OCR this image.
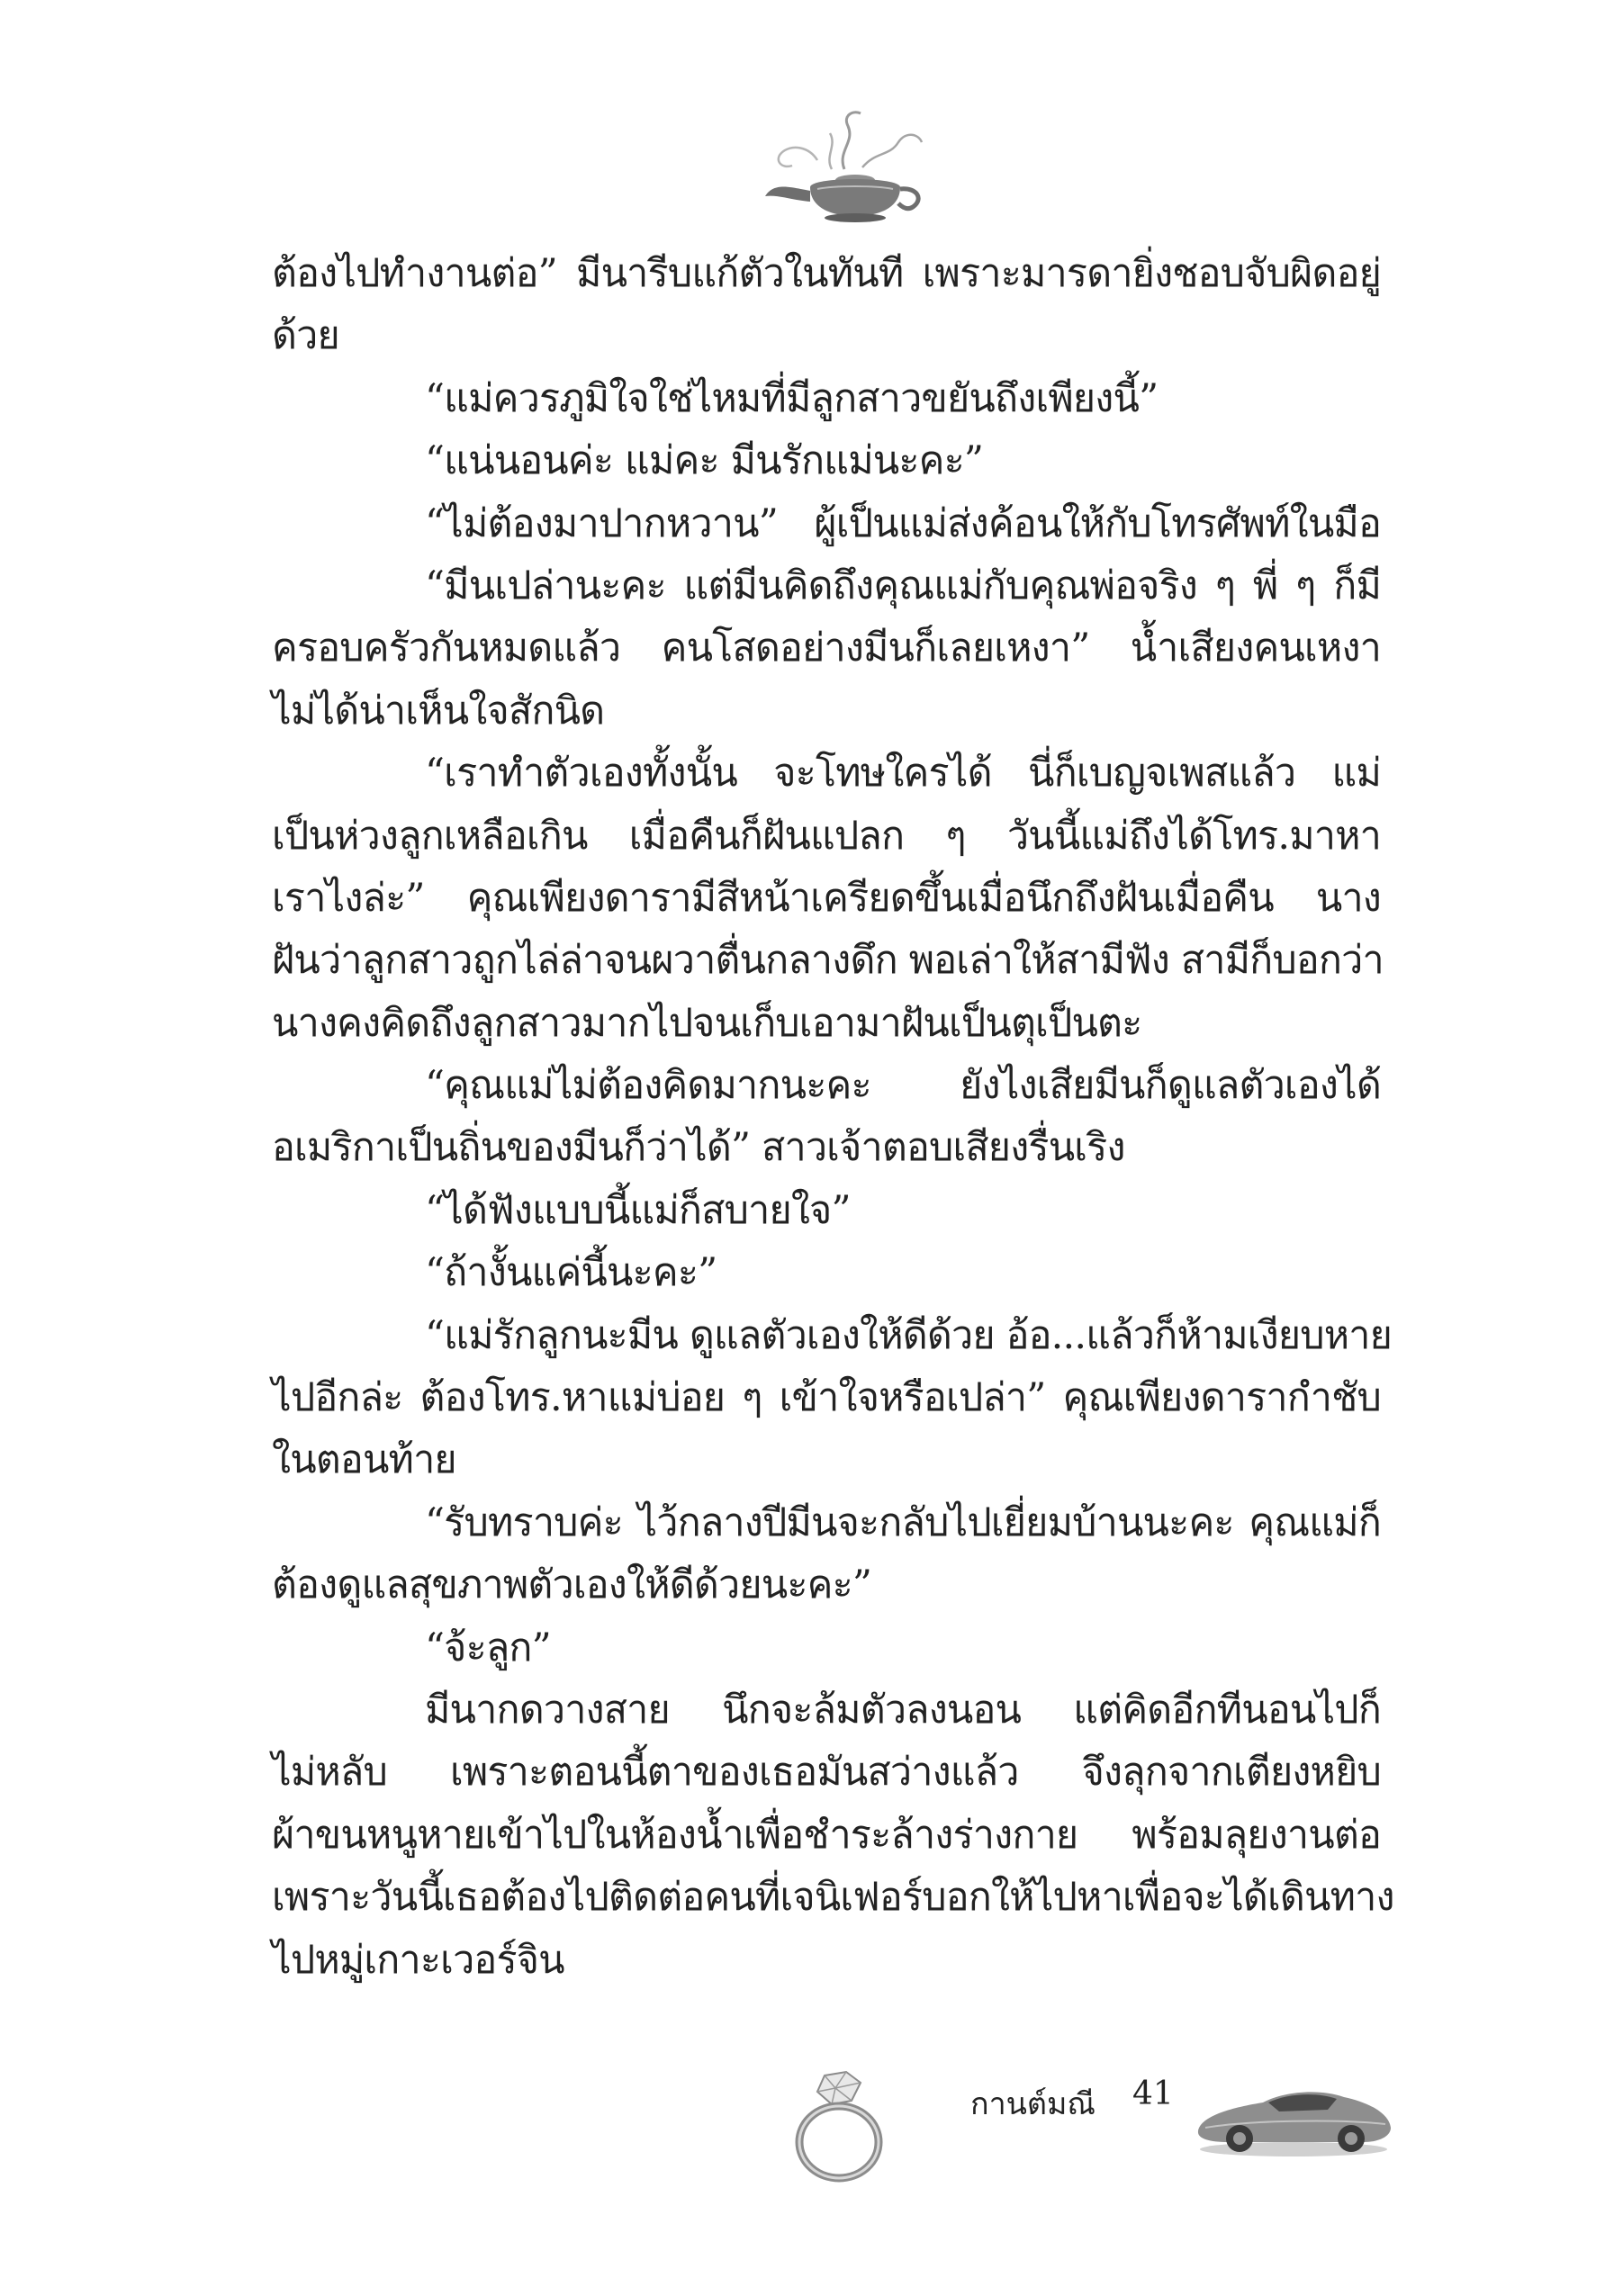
ต้องไปทำงานต่อ” มีนารีบแก้ตัวในทันที เพราะมารดายิ่งชอบจับผิดอยู่
ด้วย
“แม่ควรภูมิใจใช่ไหมที่มีลูกสาวขยันถึงเพียงนี้”
“แน่นอนค่ะ แม่คะ มีนรักแม่นะคะ”
“ไม่ต้องมาปากหวาน” ผู้เป็นแม่ส่งค้อนให้กับโทรศัพท์ในมือ
“มีนเปล่านะคะ แต่มีนคิดถึงคุณแม่กับคุณพ่อจริง ๆ พี่ ๆ ก็มี
ครอบครัวกันหมดแล้ว คนโสดอย่างมีนก็เลยเหงา” น้ำเสียงคนเหงา
ไม่ได้น่าเห็นใจสักนิด
“เราทำตัวเองทั้งนั้น จะโทษใครได้ นี่ก็เบญจเพสแล้ว แม่
เป็นห่วงลูกเหลือเกิน เมื่อคืนก็ฝันแปลก ๆ วันนี้แม่ถึงได้โทร.มาหา
เราไงล่ะ” คุณเพียงดารามีสีหน้าเครียดขึ้นเมื่อนึกถึงฝันเมื่อคืน นาง
ฝันว่าลูกสาวถูกไล่ล่าจนผวาตื่นกลางดึก พอเล่าให้สามีฟัง สามีก็บอกว่า
นางคงคิดถึงลูกสาวมากไปจนเก็บเอามาฝันเป็นตุเป็นตะ
“คุณแม่ไม่ต้องคิดมากนะคะ ยังไงเสียมีนก็ดูแลตัวเองได้
อเมริกาเป็นถิ่นของมีนก็ว่าได้” สาวเจ้าตอบเสียงรื่นเริง
“ได้ฟังแบบนี้แม่ก็สบายใจ”
“ถ้างั้นแค่นี้นะคะ”
“แม่รักลูกนะมีน ดูแลตัวเองให้ดีด้วย อ้อ...แล้วก็ห้ามเงียบหาย
ไปอีกล่ะ ต้องโทร.หาแม่บ่อย ๆ เข้าใจหรือเปล่า” คุณเพียงดารากำชับ
ในตอนท้าย
“รับทราบค่ะ ไว้กลางปีมีนจะกลับไปเยี่ยมบ้านนะคะ คุณแม่ก็
ต้องดูแลสุขภาพตัวเองให้ดีด้วยนะคะ”
“จ้ะลูก”
มีนากดวางสาย นึกจะล้มตัวลงนอน แต่คิดอีกทีนอนไปก็
ไม่หลับ เพราะตอนนี้ตาของเธอมันสว่างแล้ว จึงลุกจากเตียงหยิบ
ผ้าขนหนูหายเข้าไปในห้องน้ำเพื่อชำระล้างร่างกาย พร้อมลุยงานต่อ
เพราะวันนี้เธอต้องไปติดต่อคนที่เจนิเฟอร์บอกให้ไปหาเพื่อจะได้เดินทาง
ไปหมู่เกาะเวอร์จิน
กานต์มณี 41
